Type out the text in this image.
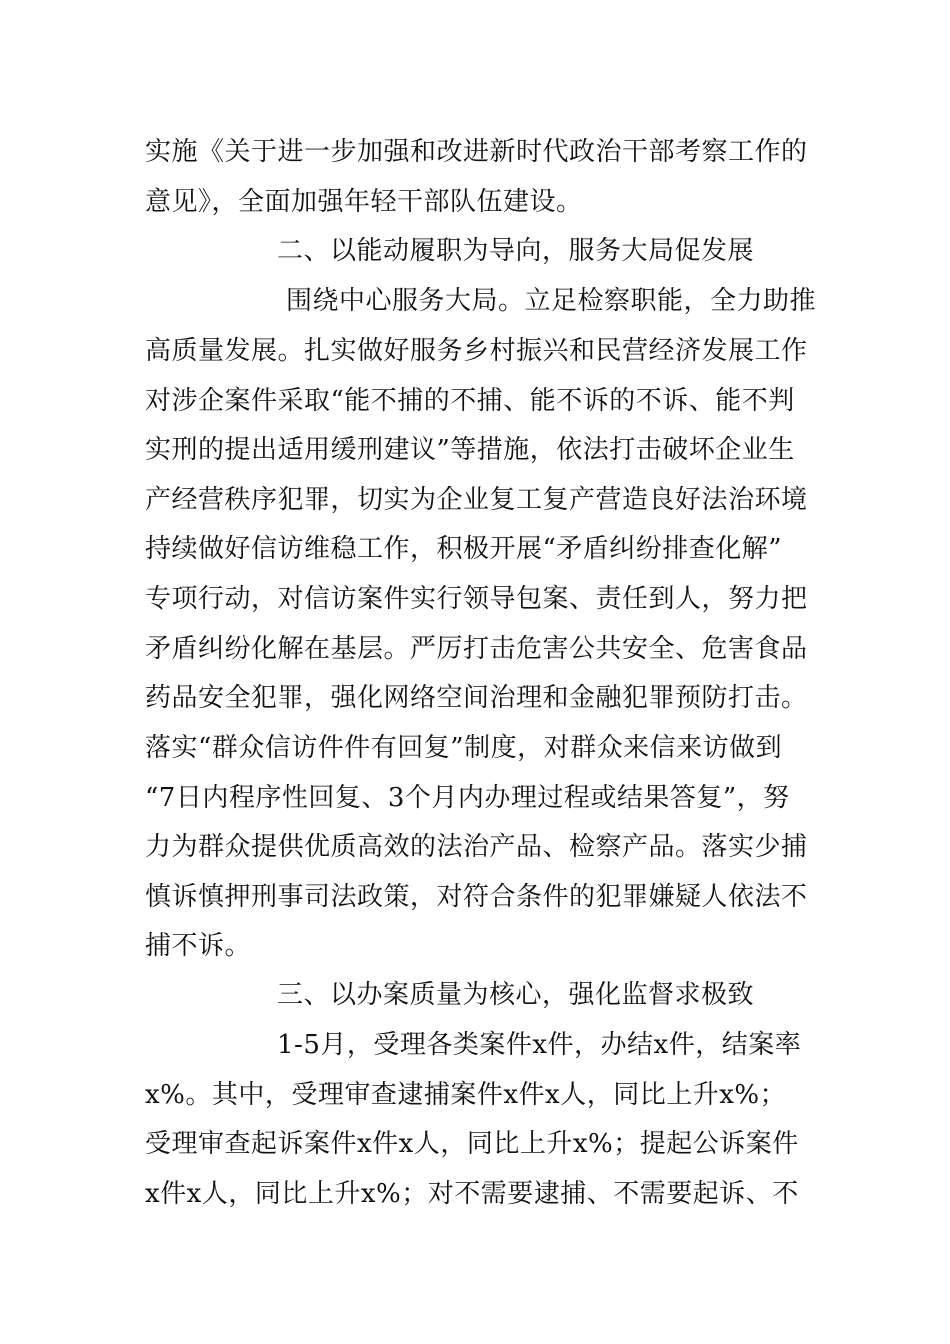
实施《关于进一步加强和改进新时代政治干部考察工作的
意见》，全面加强年轻干部队伍建设。
二、以能动履职为导向，服务大局促发展
围绕中心服务大局。立足检察职能，全力助推
高质量发展。扎实做好服务乡村振兴和民营经济发展工作
对涉企案件采取“能不捕的不捕、能不诉的不诉、能不判
实刑的提出适用缓刑建议”等措施，依法打击破坏企业生
产经营秩序犯罪，切实为企业复工复产营造良好法治环境
持续做好信访维稳工作，积极开展“矛盾纠纷排查化解”
专项行动，对信访案件实行领导包案、责任到人，努力把
矛盾纠纷化解在基层。严厉打击危害公共安全、危害食品
药品安全犯罪，强化网络空间治理和金融犯罪预防打击。
落实“群众信访件件有回复”制度，对群众来信来访做到
“7日内程序性回复、3个月内办理过程或结果答复”，努
力为群众提供优质高效的法治产品、检察产品。落实少捕
慎诉慎押刑事司法政策，对符合条件的犯罪嫌疑人依法不
捕不诉。
三、以办案质量为核心，强化监督求极致
1-5月，受理各类案件x件，办结x件，结案率
x%。其中，受理审查逮捕案件x件x人，同比上升x%；
受理审查起诉案件x件x人，同比上升x%；提起公诉案件
x件x人，同比上升x%；对不需要逮捕、不需要起诉、不
